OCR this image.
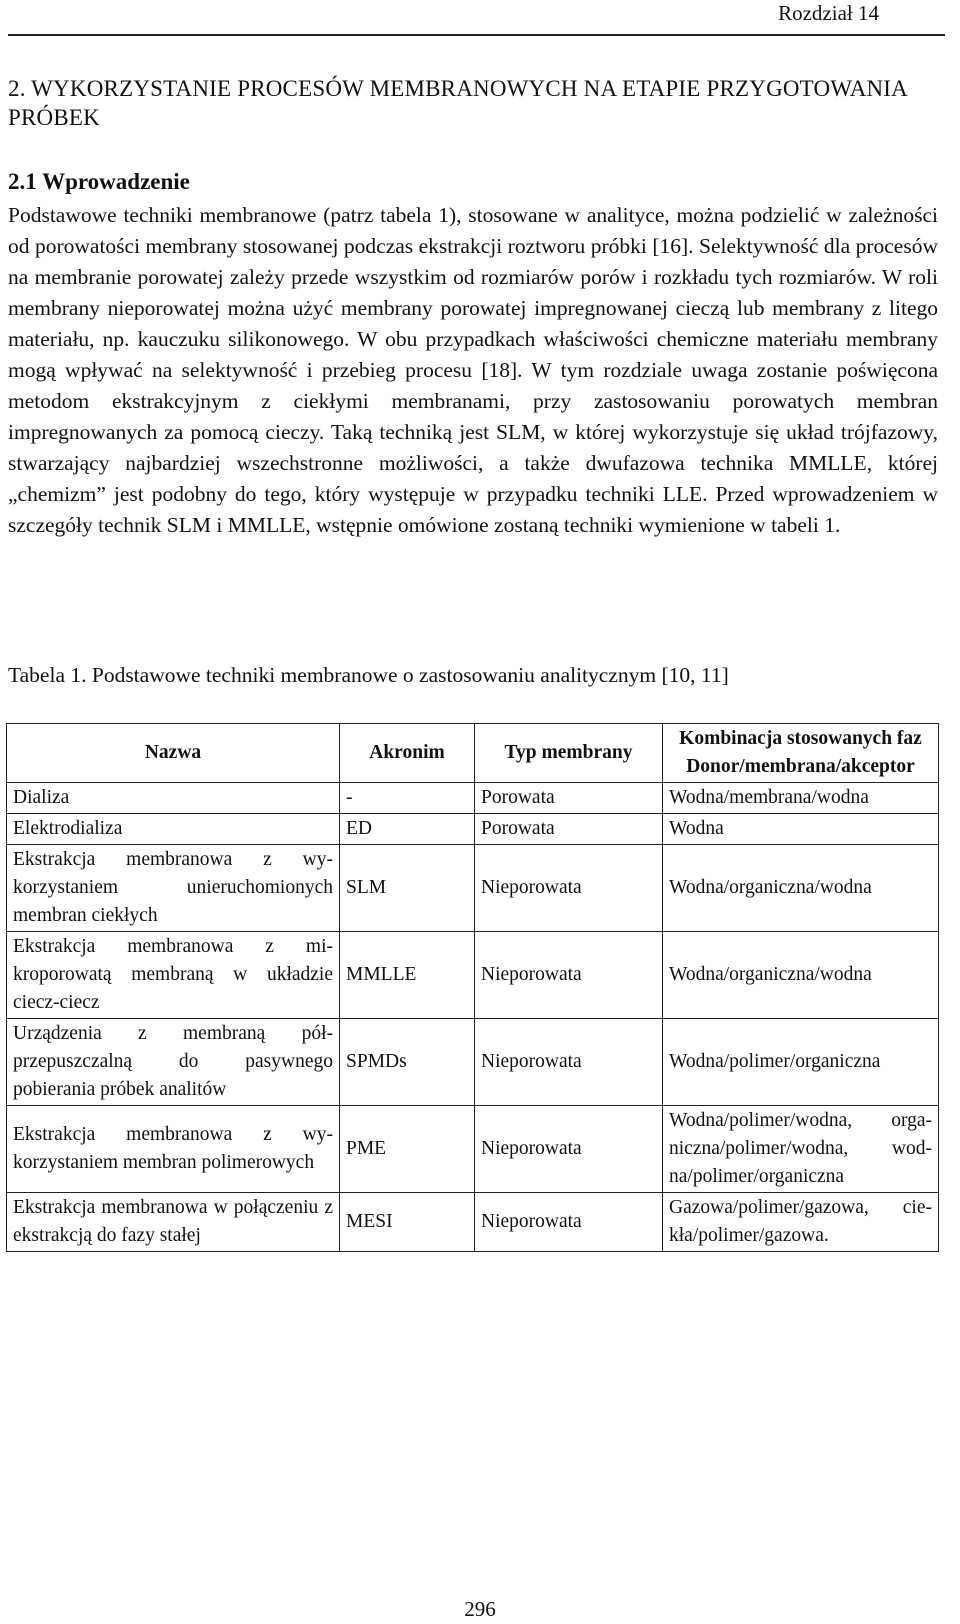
Rozdział 14
2. WYKORZYSTANIE PROCESÓW MEMBRANOWYCH NA ETAPIE PRZYGOTOWANIA PRÓBEK
2.1 Wprowadzenie
Podstawowe techniki membranowe (patrz tabela 1), stosowane w analityce, można podzielić w zależności od porowatości membrany stosowanej podczas ekstrakcji roztworu próbki [16]. Selektywność dla procesów na membranie porowatej zależy przede wszystkim od rozmiarów porów i rozkładu tych rozmiarów. W roli membrany nieporowatej można użyć membrany porowatej impregnowanej cieczą lub membrany z litego materiału, np. kauczuku silikonowego. W obu przypadkach właściwości chemiczne materiału membrany mogą wpływać na selektywność i przebieg procesu [18]. W tym rozdziale uwaga zostanie poświęcona metodom ekstrakcyjnym z ciekłymi membranami, przy zastosowaniu porowatych membran impregnowanych za pomocą cieczy. Taką techniką jest SLM, w której wykorzystuje się układ trójfazowy, stwarzający najbardziej wszechstronne możliwości, a także dwufazowa technika MMLLE, której „chemizm” jest podobny do tego, który występuje w przypadku techniki LLE. Przed wprowadzeniem w szczegóły technik SLM i MMLLE, wstępnie omówione zostaną techniki wymienione w tabeli 1.
Tabela 1. Podstawowe techniki membranowe o zastosowaniu analitycznym [10, 11]
Nazwa	Akronim	Typ membrany	Kombinacja stosowanych faz Donor/membrana/akceptor
Dializa	-	Porowata	Wodna/membrana/wodna
Elektrodializa	ED	Porowata	Wodna
Ekstrakcja membranowa z wykorzystaniem unieruchomionych membran ciekłych	SLM	Nieporowata	Wodna/organiczna/wodna
Ekstrakcja membranowa z mikroporowatą membraną w układzie ciecz-ciecz	MMLLE	Nieporowata	Wodna/organiczna/wodna
Urządzenia z membraną półprzepuszczalną do pasywnego pobierania próbek analitów	SPMDs	Nieporowata	Wodna/polimer/organiczna
Ekstrakcja membranowa z wykorzystaniem membran polimerowych	PME	Nieporowata	Wodna/polimer/wodna, organiczna/polimer/wodna, wodna/polimer/organiczna
Ekstrakcja membranowa w połączeniu z ekstrakcją do fazy stałej	MESI	Nieporowata	Gazowa/polimer/gazowa, ciekła/polimer/gazowa.
296
